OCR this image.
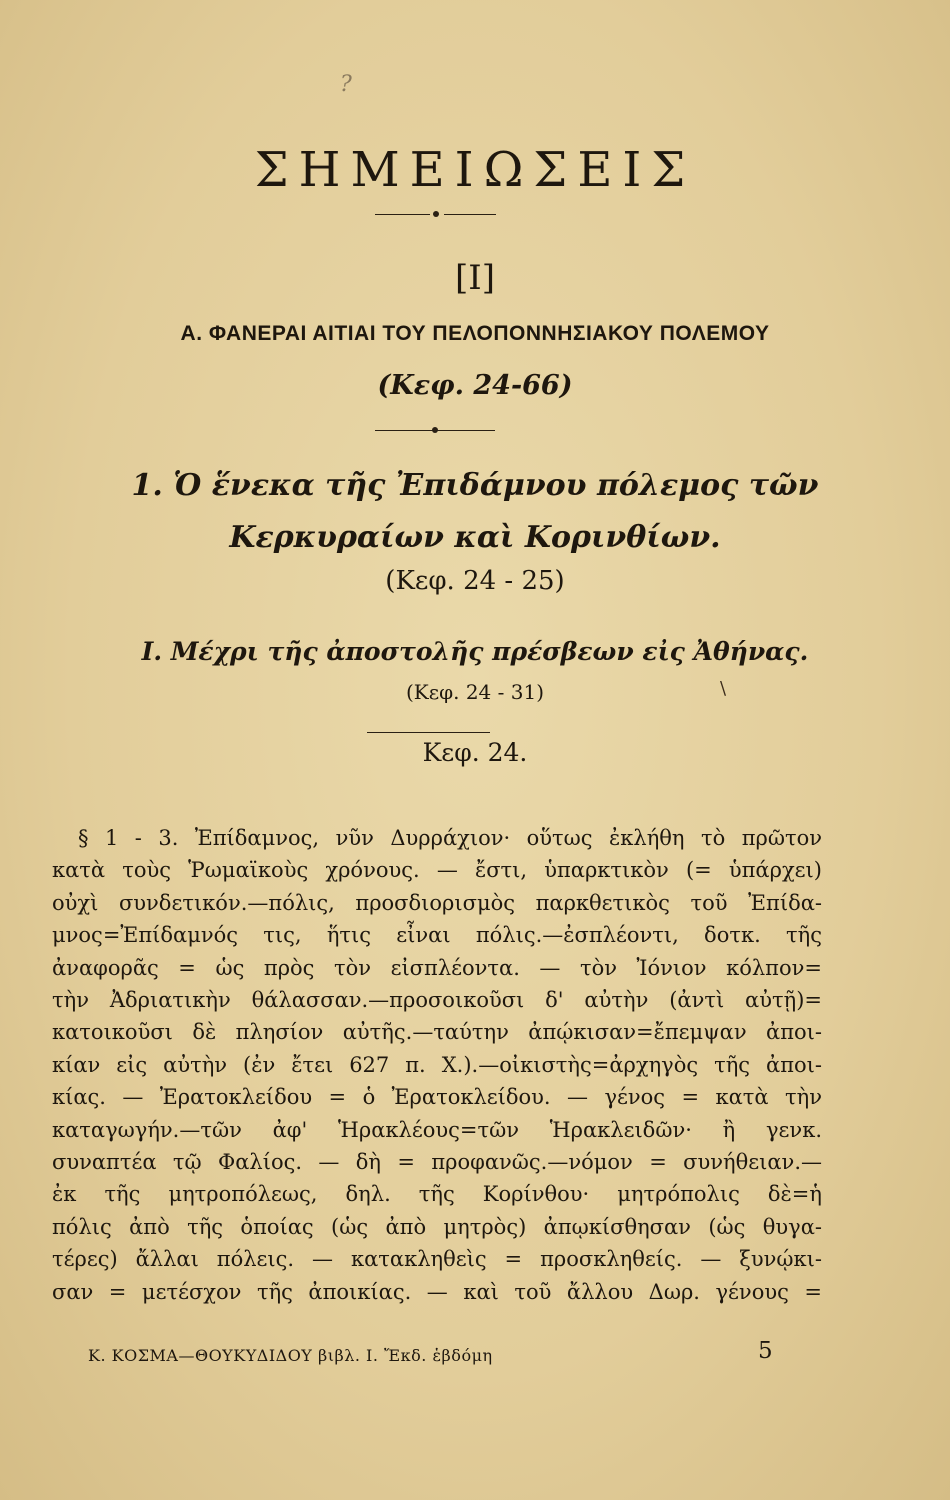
?
ΣΗΜΕΙΩΣΕΙΣ
[I]
Α. ΦΑΝΕΡΑΙ ΑΙΤΙΑΙ ΤΟΥ ΠΕΛΟΠΟΝΝΗΣΙΑΚΟΥ ΠΟΛΕΜΟΥ
(Κεφ. 24-66)
1. Ὁ ἕνεκα τῆς Ἐπιδάμνου πόλεμος τῶν
Κερκυραίων καὶ Κορινθίων.
(Κεφ. 24 - 25)
I. Μέχρι τῆς ἀποστολῆς πρέσβεων εἰς Ἀθήνας.
(Κεφ. 24 - 31)	\
Κεφ. 24.
§ 1 - 3. Ἐπίδαμνος, νῦν Δυρράχιον· οὕτως ἐκλήθη τὸ πρῶτον
κατὰ τοὺς Ῥωμαϊκοὺς χρόνους. — ἔστι, ὑπαρκτικὸν (= ὑπάρχει)
οὐχὶ συνδετικόν.—πόλις, προσδιορισμὸς παρκθετικὸς τοῦ Ἐπίδα-
μνος=Ἐπίδαμνός τις, ἥτις εἶναι πόλις.—ἐσπλέοντι, δοτκ. τῆς
ἀναφορᾶς = ὡς πρὸς τὸν εἰσπλέοντα. — τὸν Ἰόνιον κόλπον=
τὴν Ἀδριατικὴν θάλασσαν.—προσοικοῦσι δ' αὐτὴν (ἀντὶ αὐτῇ)=
κατοικοῦσι δὲ πλησίον αὐτῆς.—ταύτην ἀπῴκισαν=ἔπεμψαν ἀποι-
κίαν εἰς αὐτὴν (ἐν ἔτει 627 π. Χ.).—οἰκιστὴς=ἀρχηγὸς τῆς ἀποι-
κίας. — Ἐρατοκλείδου = ὁ Ἐρατοκλείδου. — γένος = κατὰ τὴν
καταγωγήν.—τῶν ἀφ' Ἡρακλέους=τῶν Ἡρακλειδῶν· ἢ γενκ.
συναπτέα τῷ Φαλίος. — δὴ = προφανῶς.—νόμον = συνήθειαν.—
ἐκ τῆς μητροπόλεως, δηλ. τῆς Κορίνθου· μητρόπολις δὲ=ἡ
πόλις ἀπὸ τῆς ὁποίας (ὡς ἀπὸ μητρὸς) ἀπῳκίσθησαν (ὡς θυγα-
τέρες) ἄλλαι πόλεις. — κατακληθεὶς = προσκληθείς. — ξυνῴκι-
σαν = μετέσχον τῆς ἀποικίας. — καὶ τοῦ ἄλλου Δωρ. γένους =
Κ. ΚΟΣΜΑ—ΘΟΥΚΥΔΙΔΟΥ βιβλ. I. Ἔκδ. ἑβδόμη	5
